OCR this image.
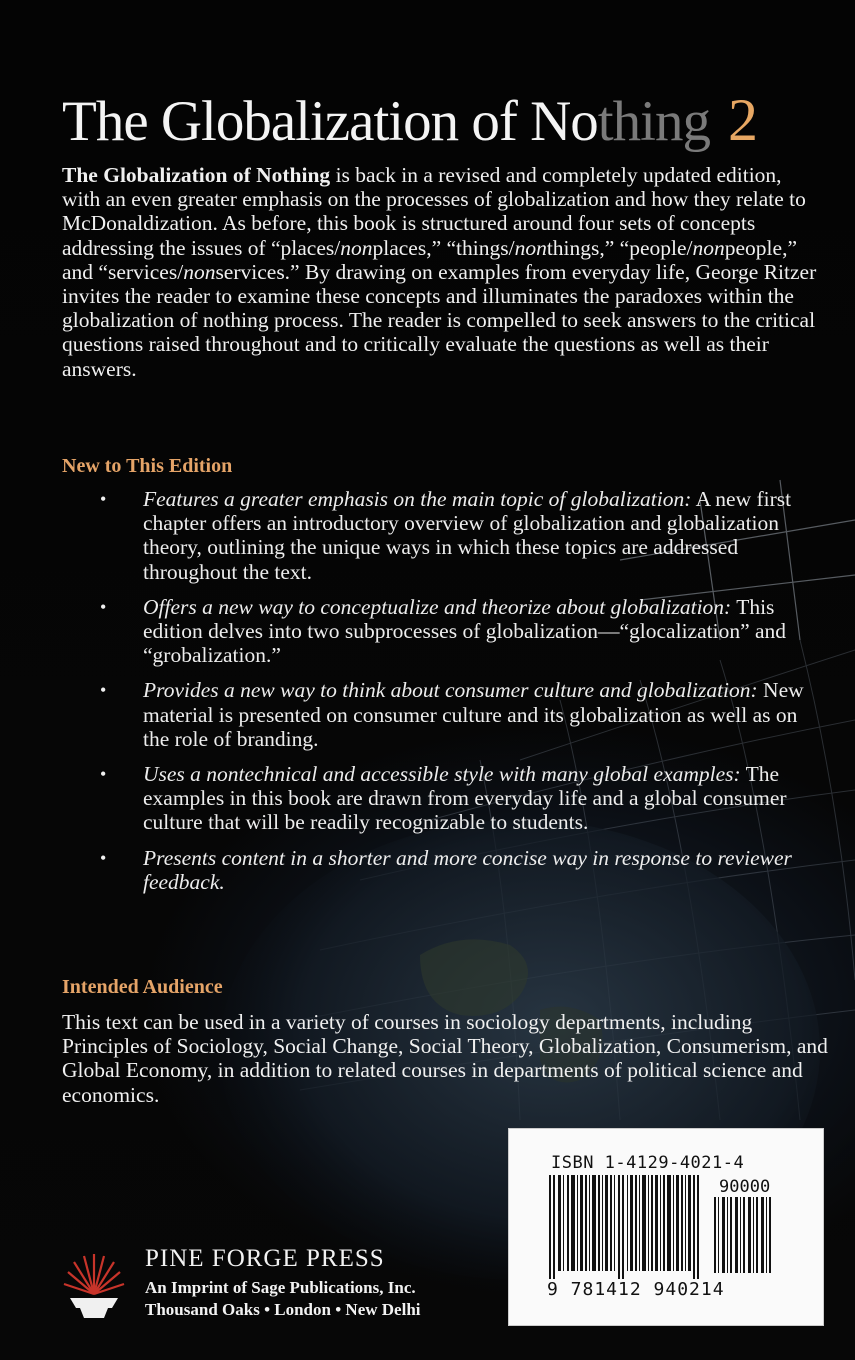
The Globalization of Nothing 2

The Globalization of Nothing is back in a revised and completely updated edition, with an even greater emphasis on the processes of globalization and how they relate to McDonaldization. As before, this book is structured around four sets of concepts addressing the issues of “places/nonplaces,” “things/nonthings,” “people/nonpeople,” and “services/nonservices.” By drawing on examples from everyday life, George Ritzer invites the reader to examine these concepts and illuminates the paradoxes within the globalization of nothing process. The reader is compelled to seek answers to the critical questions raised throughout and to critically evaluate the questions as well as their answers.

New to This Edition
• Features a greater emphasis on the main topic of globalization: A new first chapter offers an introductory overview of globalization and globalization theory, outlining the unique ways in which these topics are addressed throughout the text.
• Offers a new way to conceptualize and theorize about globalization: This edition delves into two subprocesses of globalization—“glocalization” and “grobalization.”
• Provides a new way to think about consumer culture and globalization: New material is presented on consumer culture and its globalization as well as on the role of branding.
• Uses a nontechnical and accessible style with many global examples: The examples in this book are drawn from everyday life and a global consumer culture that will be readily recognizable to students.
• Presents content in a shorter and more concise way in response to reviewer feedback.
Intended Audience

This text can be used in a variety of courses in sociology departments, including Principles of Sociology, Social Change, Social Theory, Globalization, Consumerism, and Global Economy, in addition to related courses in departments of political science and economics.

ISBN 1-4129-4021-4

90000

9 781412 940214

PINE FORGE PRESS

An Imprint of Sage Publications, Inc.

Thousand Oaks • London • New Delhi
